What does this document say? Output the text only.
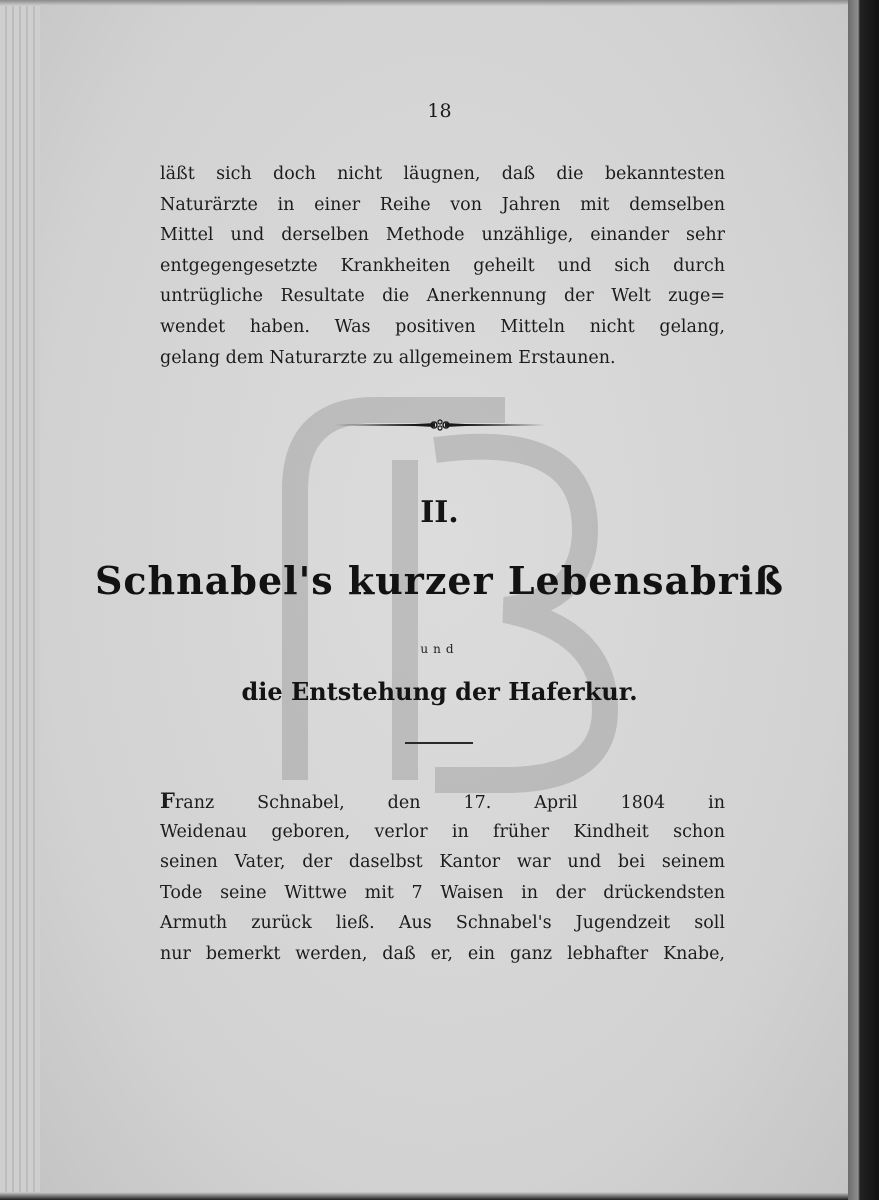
18
läßt sich doch nicht läugnen, daß die bekanntesten
Naturärzte in einer Reihe von Jahren mit demselben
Mittel und derselben Methode unzählige, einander sehr
entgegengesetzte Krankheiten geheilt und sich durch
untrügliche Resultate die Anerkennung der Welt zuge=
wendet haben. Was positiven Mitteln nicht gelang,
gelang dem Naturarzte zu allgemeinem Erstaunen.
II.
Schnabel's kurzer Lebensabriß
und
die Entstehung der Haferkur.
Franz Schnabel, den 17. April 1804 in
Weidenau geboren, verlor in früher Kindheit schon
seinen Vater, der daselbst Kantor war und bei seinem
Tode seine Wittwe mit 7 Waisen in der drückendsten
Armuth zurück ließ. Aus Schnabel's Jugendzeit soll
nur bemerkt werden, daß er, ein ganz lebhafter Knabe,
